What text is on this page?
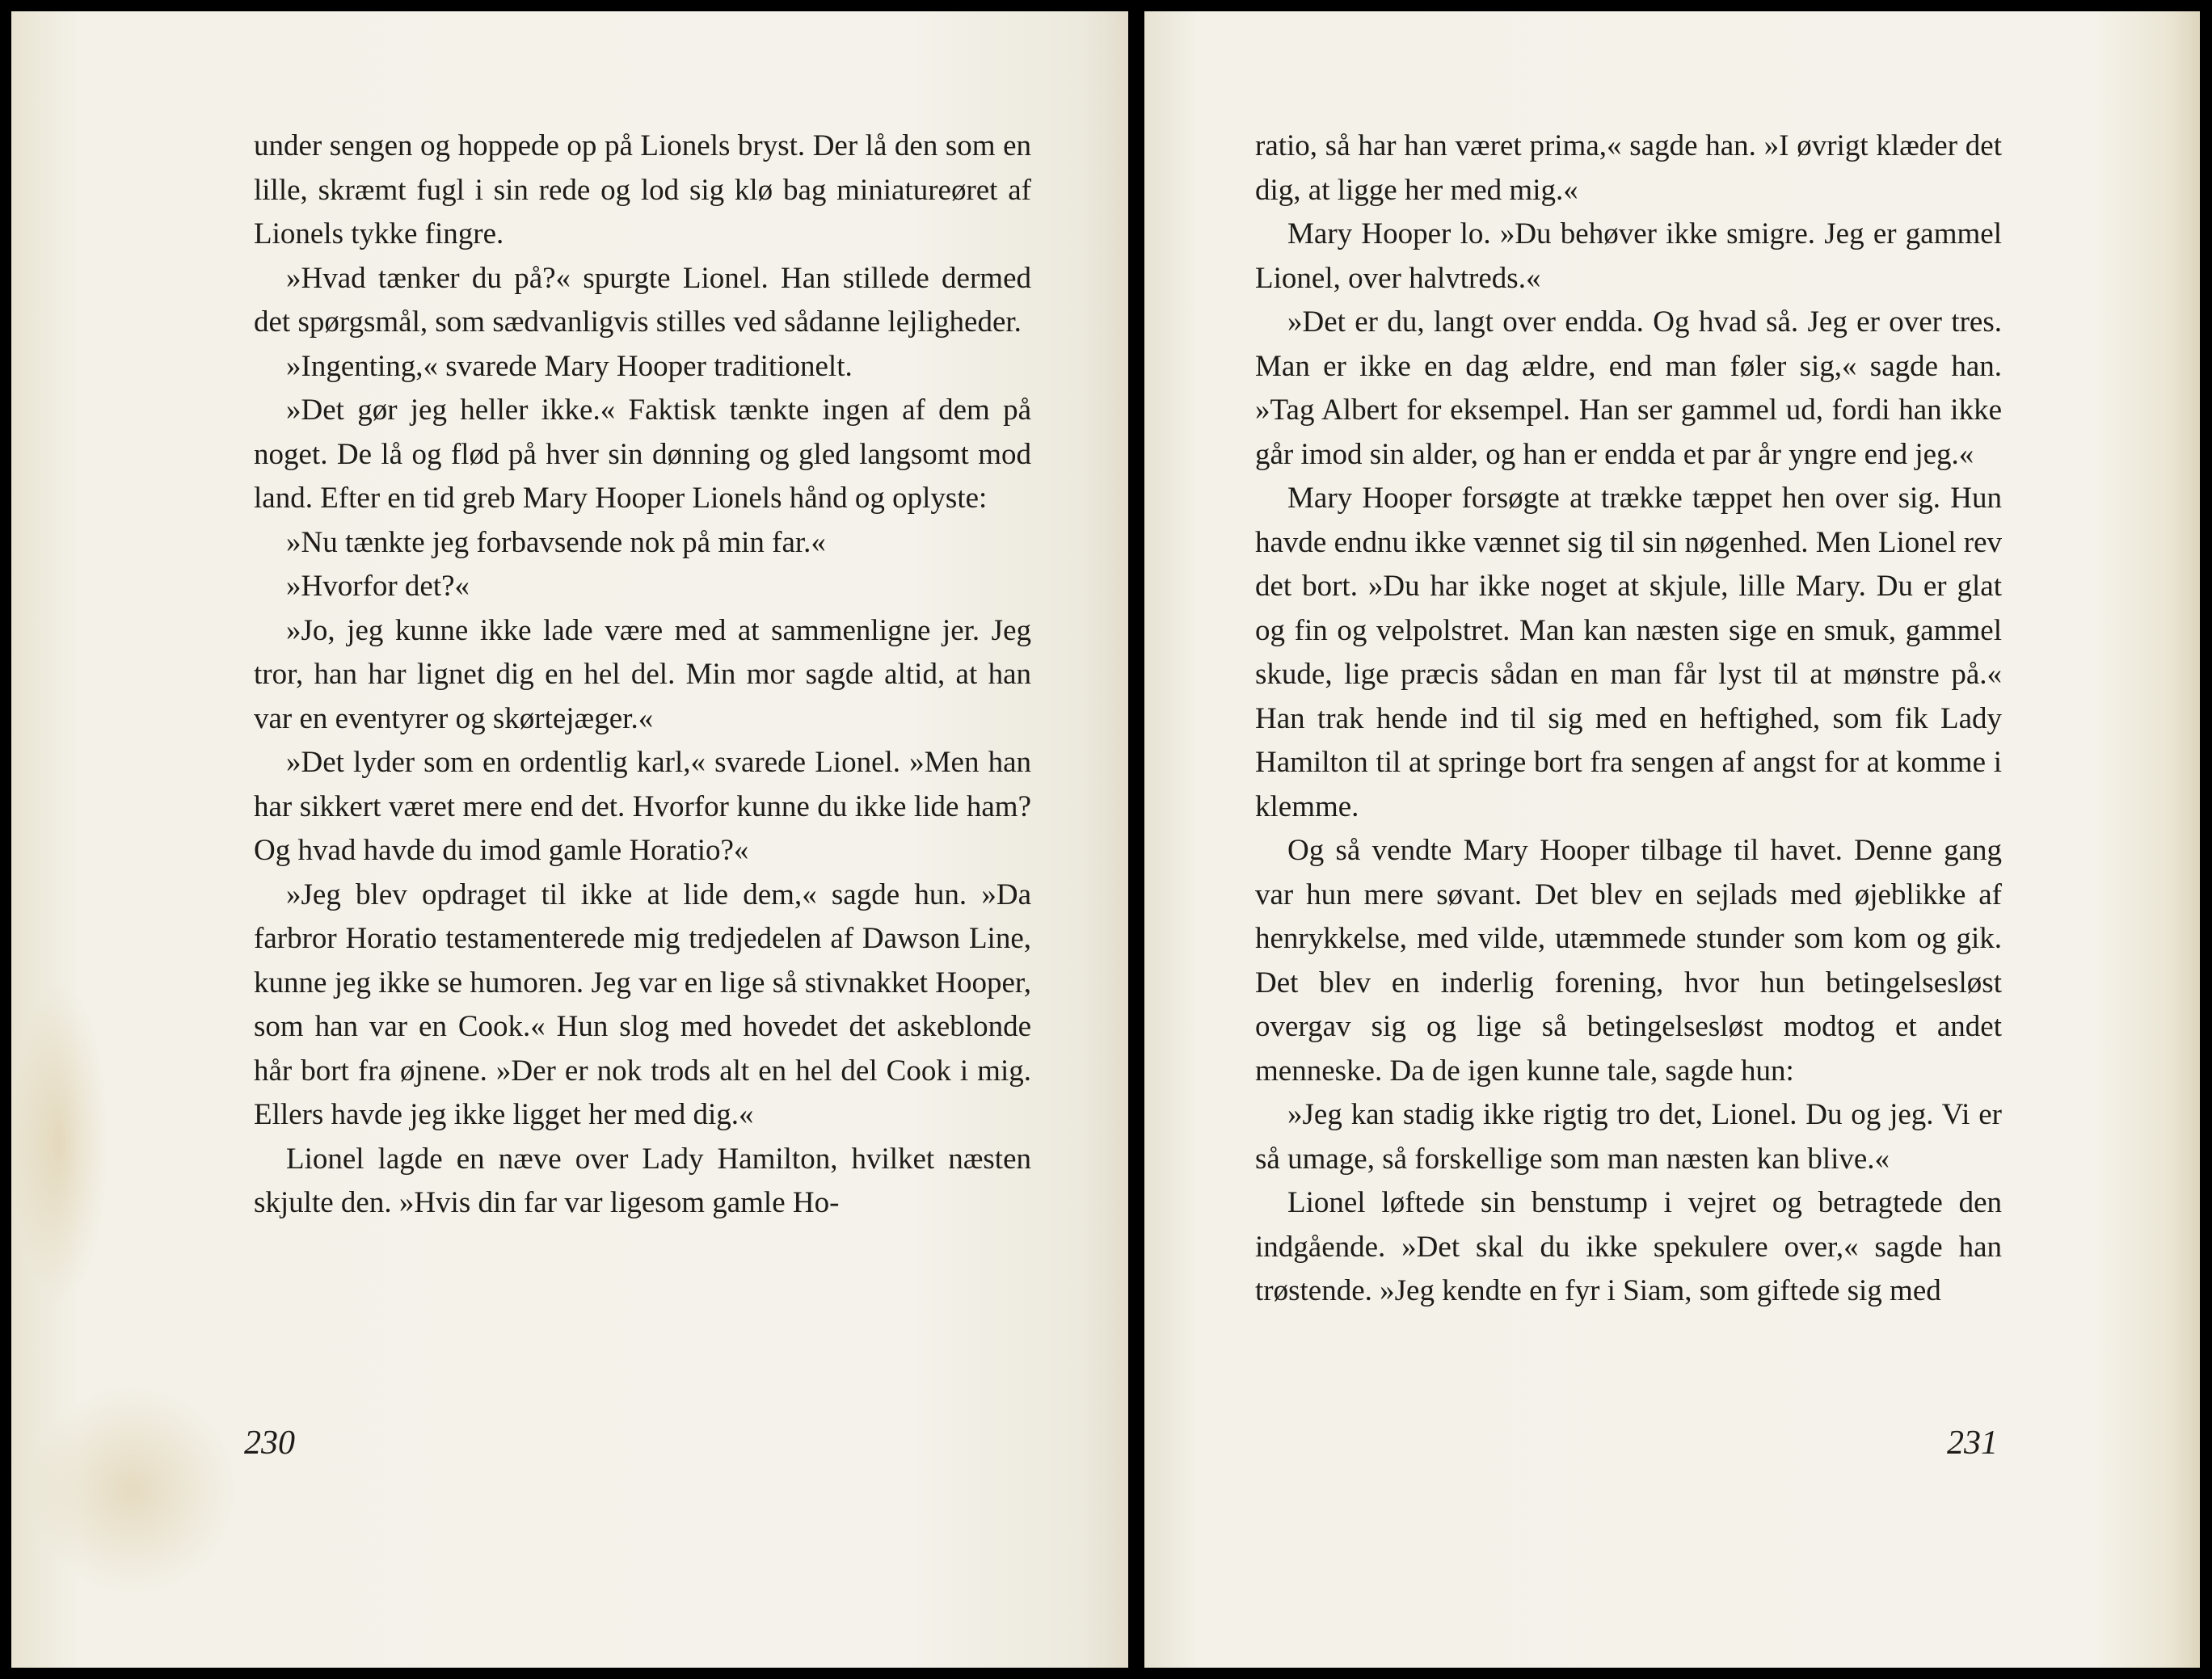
under sengen og hoppede op på Lionels bryst. Der lå den som en lille, skræmt fugl i sin rede og lod sig klø bag miniatureøret af Lionels tykke fingre.

»Hvad tænker du på?« spurgte Lionel. Han stillede dermed det spørgsmål, som sædvanligvis stilles ved sådanne lejligheder.

»Ingenting,« svarede Mary Hooper traditionelt.

»Det gør jeg heller ikke.« Faktisk tænkte ingen af dem på noget. De lå og flød på hver sin dønning og gled langsomt mod land. Efter en tid greb Mary Hooper Lionels hånd og oplyste:

»Nu tænkte jeg forbavsende nok på min far.«

»Hvorfor det?«

»Jo, jeg kunne ikke lade være med at sammenligne jer. Jeg tror, han har lignet dig en hel del. Min mor sagde altid, at han var en eventyrer og skørtejæger.«

»Det lyder som en ordentlig karl,« svarede Lionel. »Men han har sikkert været mere end det. Hvorfor kunne du ikke lide ham? Og hvad havde du imod gamle Horatio?«

»Jeg blev opdraget til ikke at lide dem,« sagde hun. »Da farbror Horatio testamenterede mig tredjedelen af Dawson Line, kunne jeg ikke se humoren. Jeg var en lige så stivnakket Hooper, som han var en Cook.« Hun slog med hovedet det askeblonde hår bort fra øjnene. »Der er nok trods alt en hel del Cook i mig. Ellers havde jeg ikke ligget her med dig.«

Lionel lagde en næve over Lady Hamilton, hvilket næsten skjulte den. »Hvis din far var ligesom gamle Ho-

230

ratio, så har han været prima,« sagde han. »I øvrigt klæder det dig, at ligge her med mig.«

Mary Hooper lo. »Du behøver ikke smigre. Jeg er gammel Lionel, over halvtreds.«

»Det er du, langt over endda. Og hvad så. Jeg er over tres. Man er ikke en dag ældre, end man føler sig,« sagde han. »Tag Albert for eksempel. Han ser gammel ud, fordi han ikke går imod sin alder, og han er endda et par år yngre end jeg.«

Mary Hooper forsøgte at trække tæppet hen over sig. Hun havde endnu ikke vænnet sig til sin nøgenhed. Men Lionel rev det bort. »Du har ikke noget at skjule, lille Mary. Du er glat og fin og velpolstret. Man kan næsten sige en smuk, gammel skude, lige præcis sådan en man får lyst til at mønstre på.« Han trak hende ind til sig med en heftighed, som fik Lady Hamilton til at springe bort fra sengen af angst for at komme i klemme.

Og så vendte Mary Hooper tilbage til havet. Denne gang var hun mere søvant. Det blev en sejlads med øjeblikke af henrykkelse, med vilde, utæmmede stunder som kom og gik. Det blev en inderlig forening, hvor hun betingelsesløst overgav sig og lige så betingelsesløst modtog et andet menneske. Da de igen kunne tale, sagde hun:

»Jeg kan stadig ikke rigtig tro det, Lionel. Du og jeg. Vi er så umage, så forskellige som man næsten kan blive.«

Lionel løftede sin benstump i vejret og betragtede den indgående. »Det skal du ikke spekulere over,« sagde han trøstende. »Jeg kendte en fyr i Siam, som giftede sig med

231
